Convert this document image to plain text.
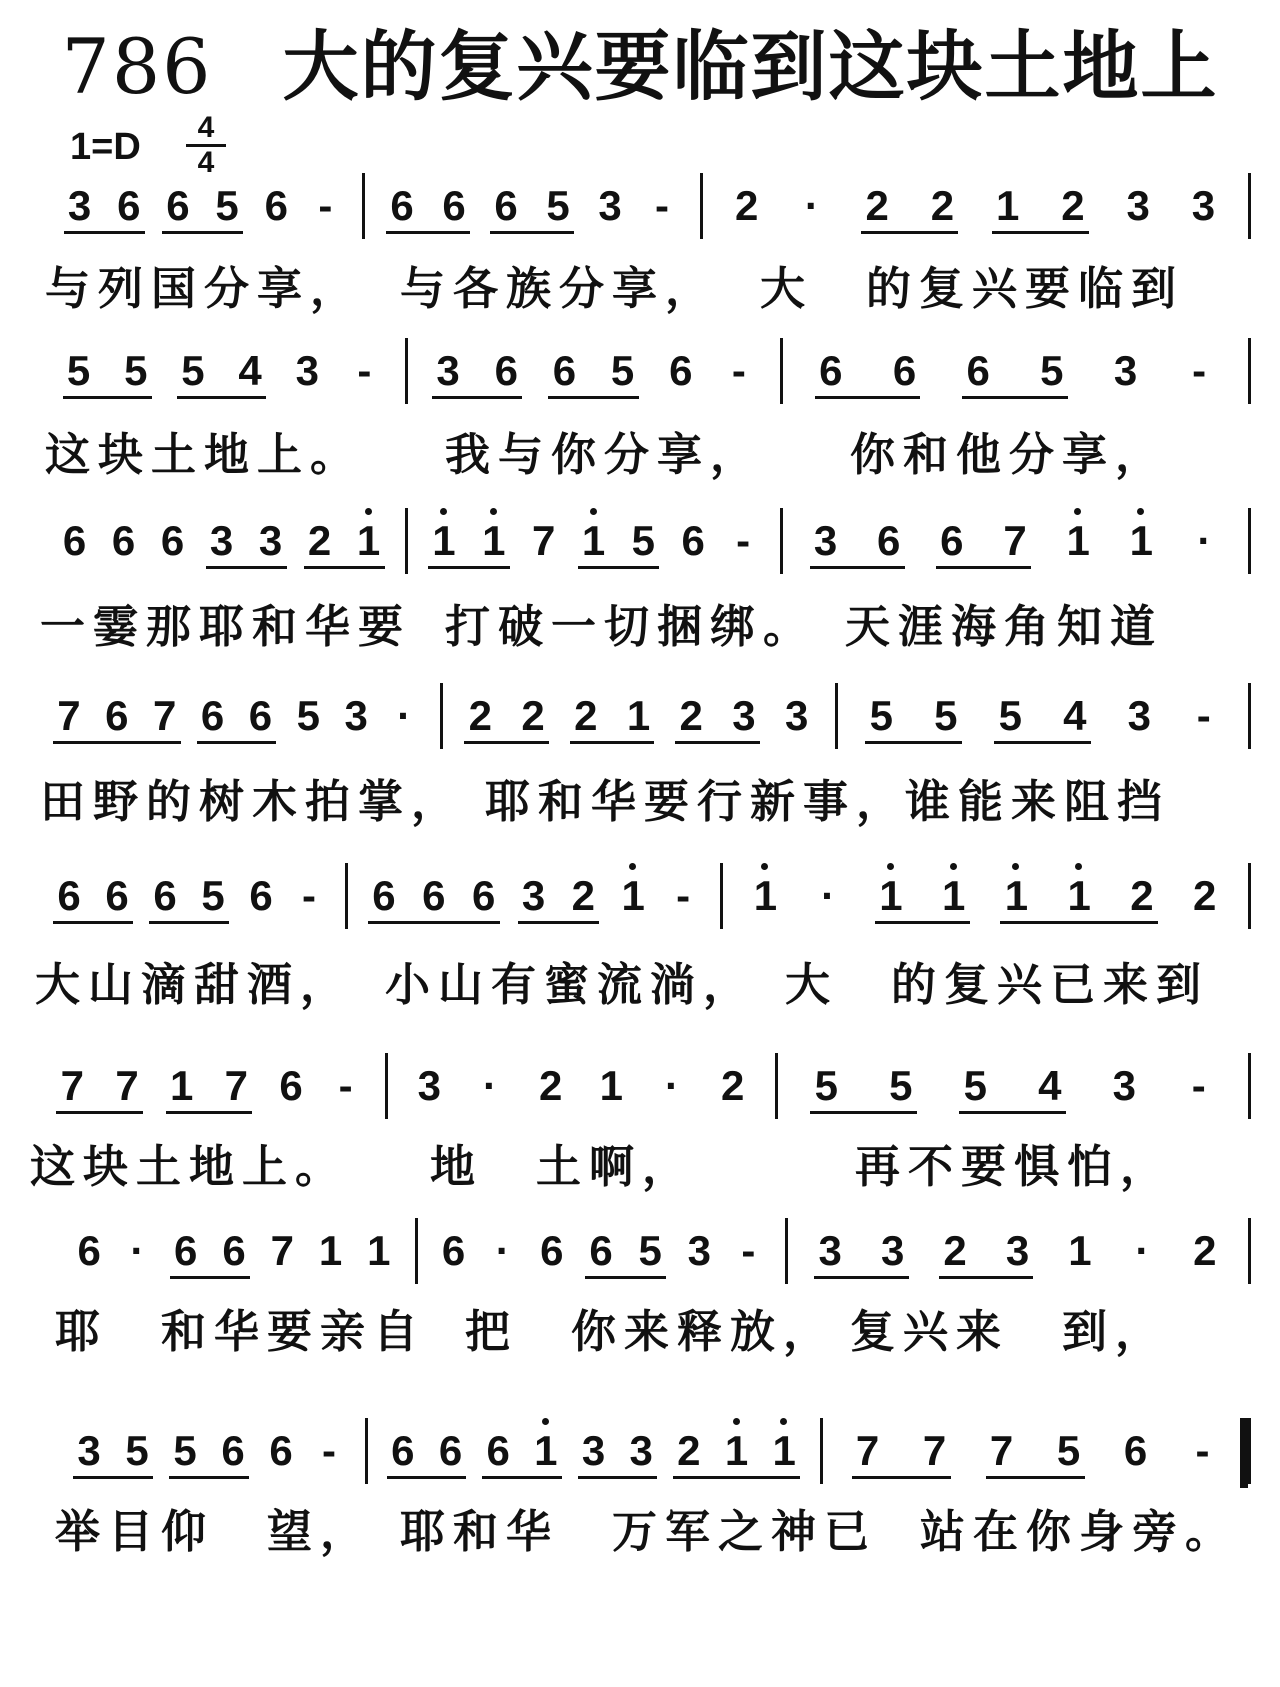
786 大的复兴要临到这块土地上
1=D	4
4
3 6 6 5 6 -	6 6 6 5 3 -	2	·	2 2 1 2 3 3
与列国分享， 与各族分享， 大　的复兴要临到
5 5 5 4 3 -	3 6 6 5 6 -	6 6 6 5 3	-
这块土地上。 我与你分享， 你和他分享，
6 6 6 3 3 2 1 1 1 7 1 5 6 -	3 6 6 7 1 1	·
一霎那耶和华要 打破一切捆绑。 天涯海角知道
7 6 7 6 6 5 3 ·	2 2 2 1 2 3 3 5 5 5 4 3	-
田野的树木拍掌， 耶和华要行新事，
谁能来阻挡
6 6 6 5 6 -	6 6 6 3 2 1 -	1	·	1 1 1 1 2 2
大山滴甜酒， 小山有蜜流淌， 大　的复兴已来到
7 7 1 7 6 -	3	· 2 1	· 2 5 5 5 4 3	-
这块土地上。 地　土啊，	再不要惧怕，
6 · 6 6 7 1 1 6 · 6 6 5 3 -	3 3 2 3 1	·	2
耶　和华要亲自 把　你来释放， 复兴来　到，
3 5 5 6 6 -	6 6 6 1 3 3 2 1 1 7 7 7 5 6	-
举目仰　望， 耶和华　万军之神已 站在你身旁。
